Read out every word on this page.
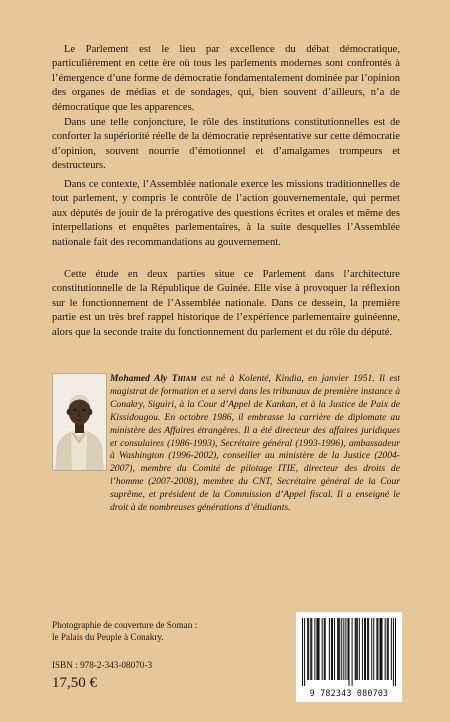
Le Parlement est le lieu par excellence du débat démocratique, particulièrement en cette ère où tous les parlements modernes sont confrontés à l’émergence d’une forme de démocratie fondamentalement dominée par l’opinion des organes de médias et de sondages, qui, bien souvent d’ailleurs, n’a de démocratique que les apparences.

Dans une telle conjoncture, le rôle des institutions constitutionnelles est de conforter la supériorité réelle de la démocratie représentative sur cette démocratie d’opinion, souvent nourrie d’émotionnel et d’amalgames trompeurs et destructeurs.

Dans ce contexte, l’Assemblée nationale exerce les missions traditionnelles de tout parlement, y compris le contrôle de l’action gouvernementale, qui permet aux députés de jouir de la prérogative des questions écrites et orales et même des interpellations et enquêtes parlementaires, à la suite desquelles l’Assemblée nationale fait des recommandations au gouvernement.

Cette étude en deux parties situe ce Parlement dans l’architecture constitutionnelle de la République de Guinée. Elle vise à provoquer la réflexion sur le fonctionnement de l’Assemblée nationale. Dans ce dessein, la première partie est un très bref rappel historique de l’expérience parlementaire guinéenne, alors que la seconde traite du fonctionnement du parlement et du rôle du député.

Mohamed Aly Thiam est né à Kolenté, Kindia, en janvier 1951. Il est magistrat de formation et a servi dans les tribunaux de première instance à Conakry, Siguiri, à la Cour d’Appel de Kankan, et à la Justice de Paix de Kissidougou. En octobre 1986, il embrasse la carrière de diplomate au ministère des Affaires étrangères. Il a été directeur des affaires juridiques et consulaires (1986-1993), Secrétaire général (1993-1996), ambassadeur à Washington (1996-2002), conseiller au ministère de la Justice (2004-2007), membre du Comité de pilotage ITIE, directeur des droits de l’homme (2007-2008), membre du CNT, Secrétaire général de la Cour suprême, et président de la Commission d’Appel fiscal. Il a enseigné le droit à de nombreuses générations d’étudiants.

Photographie de couverture de Soman :
le Palais du Peuple à Conakry.

ISBN : 978-2-343-08070-3

17,50 €

9 782343 080703
